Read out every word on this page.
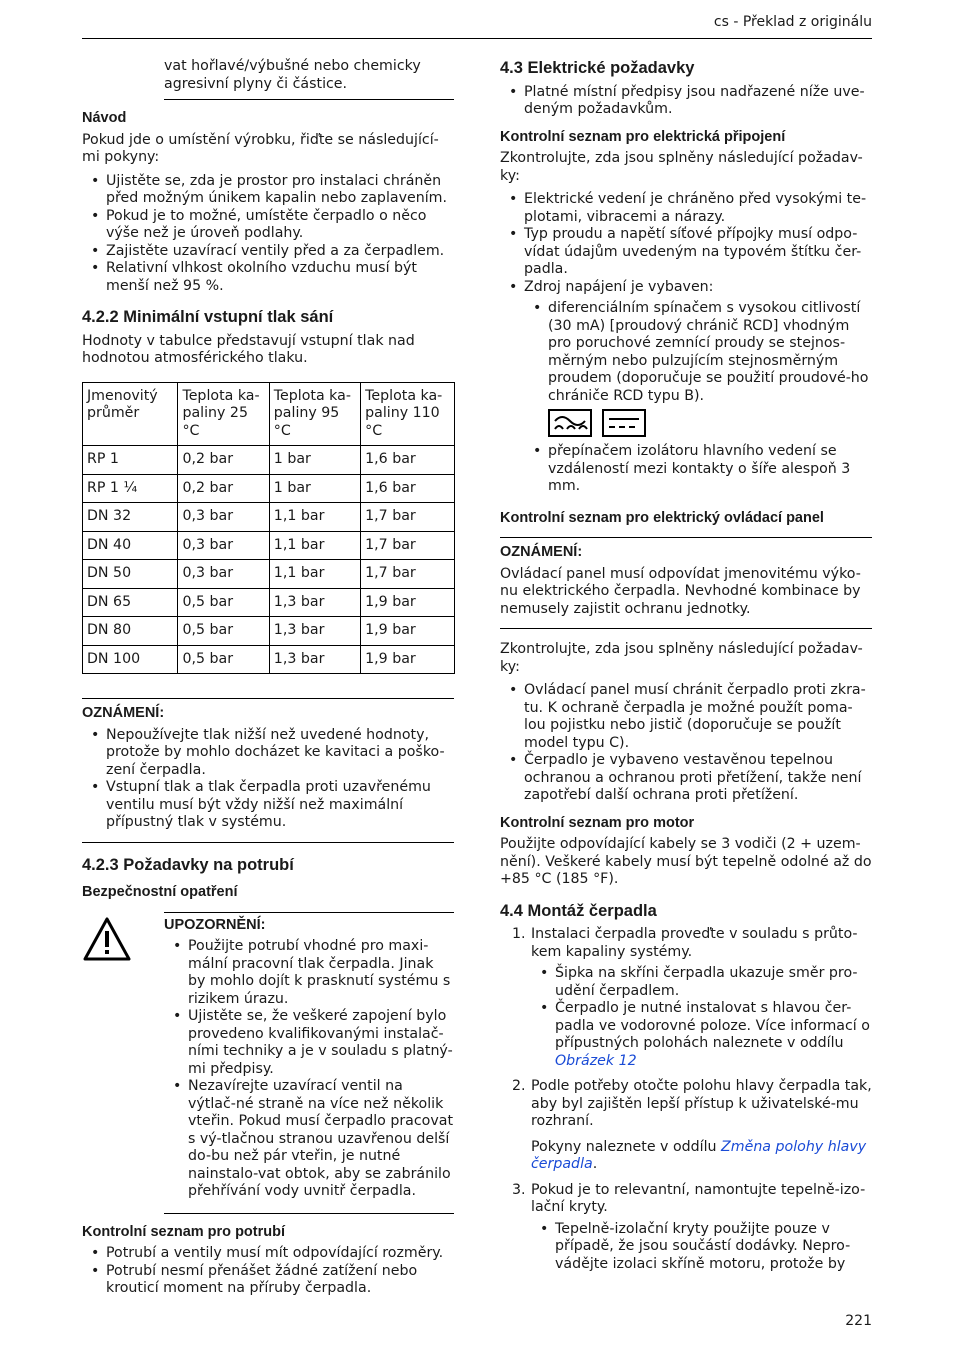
cs - Překlad z originálu
vat hořlavé/výbušné nebo chemicky agresivní plyny či částice.
Návod

Pokud jde o umístění výrobku, řiďte se následující-mi pokyny:

• Ujistěte se, zda je prostor pro instalaci chráněn před možným únikem kapalin nebo zaplavením.
• Pokud je to možné, umístěte čerpadlo o něco výše než je úroveň podlahy.
• Zajistěte uzavírací ventily před a za čerpadlem.
• Relativní vlhkost okolního vzduchu musí být menší než 95 %.
4.2.2 Minimální vstupní tlak sání

Hodnoty v tabulce představují vstupní tlak nad hodnotou atmosférického tlaku.

Jmenovitý průměr	Teplota ka-paliny 25 °C	Teplota ka-paliny 95 °C	Teplota ka-paliny 110 °C
RP 1	0,2 bar	1 bar	1,6 bar
RP 1 ¼	0,2 bar	1 bar	1,6 bar
DN 32	0,3 bar	1,1 bar	1,7 bar
DN 40	0,3 bar	1,1 bar	1,7 bar
DN 50	0,3 bar	1,1 bar	1,7 bar
DN 65	0,5 bar	1,3 bar	1,9 bar
DN 80	0,5 bar	1,3 bar	1,9 bar
DN 100	0,5 bar	1,3 bar	1,9 bar
OZNÁMENÍ:
• Nepoužívejte tlak nižší než uvedené hodnoty, protože by mohlo docházet ke kavitaci a poško-zení čerpadla.
• Vstupní tlak a tlak čerpadla proti uzavřenému ventilu musí být vždy nižší než maximální přípustný tlak v systému.
4.2.3 Požadavky na potrubí
Bezpečnostní opatření
UPOZORNĚNÍ:
• Použijte potrubí vhodné pro maxi-mální pracovní tlak čerpadla. Jinak by mohlo dojít k prasknutí systému s rizikem úrazu.
• Ujistěte se, že veškeré zapojení bylo provedeno kvalifikovanými instalač-ními techniky a je v souladu s platný-mi předpisy.
• Nezavírejte uzavírací ventil na výtlač-né straně na více než několik vteřin. Pokud musí čerpadlo pracovat s vý-tlačnou stranou uzavřenou delší do-bu než pár vteřin, je nutné nainstalo-vat obtok, aby se zabránilo přehřívání vody uvnitř čerpadla.
Kontrolní seznam pro potrubí
• Potrubí a ventily musí mít odpovídající rozměry.
• Potrubí nesmí přenášet žádné zatížení nebo krouticí moment na příruby čerpadla.
4.3 Elektrické požadavky
• Platné místní předpisy jsou nadřazené níže uve-deným požadavkům.
Kontrolní seznam pro elektrická připojení

Zkontrolujte, zda jsou splněny následující požadav-ky:

• Elektrické vedení je chráněno před vysokými te-plotami, vibracemi a nárazy.
• Typ proudu a napětí síťové přípojky musí odpo-vídat údajům uvedeným na typovém štítku čer-padla.
• Zdroj napájení je vybaven:
• diferenciálním spínačem s vysokou citlivostí (30 mA) [proudový chránič RCD] vhodným pro poruchové zemnící proudy se stejnos-měrným nebo pulzujícím stejnosměrným proudem (doporučuje se použití proudové-ho chrániče RCD typu B).
• přepínačem izolátoru hlavního vedení se vzdáleností mezi kontakty o šíře alespoň 3 mm.
Kontrolní seznam pro elektrický ovládací panel
OZNÁMENÍ:

Ovládací panel musí odpovídat jmenovitému výko-nu elektrického čerpadla. Nevhodné kombinace by nemusely zajistit ochranu jednotky.

Zkontrolujte, zda jsou splněny následující požadav-ky:

• Ovládací panel musí chránit čerpadlo proti zkra-tu. K ochraně čerpadla je možné použít poma-lou pojistku nebo jistič (doporučuje se použít model typu C).
• Čerpadlo je vybaveno vestavěnou tepelnou ochranou a ochranou proti přetížení, takže není zapotřebí další ochrana proti přetížení.
Kontrolní seznam pro motor

Použijte odpovídající kabely se 3 vodiči (2 + uzem-nění). Veškeré kabely musí být tepelně odolné až do +85 °C (185 °F).

4.4 Montáž čerpadla
1. Instalaci čerpadla proveďte v souladu s průto-kem kapaliny systémy.
• Šipka na skříni čerpadla ukazuje směr pro-udění čerpadlem.
• Čerpadlo je nutné instalovat s hlavou čer-padla ve vodorovné poloze. Více informací o přípustných polohách naleznete v oddílu Obrázek 12
2. Podle potřeby otočte polohu hlavy čerpadla tak, aby byl zajištěn lepší přístup k uživatelské-mu rozhraní.

Pokyny naleznete v oddílu Změna polohy hlavy čerpadla.

3. Pokud je to relevantní, namontujte tepelně-izo-lační kryty.
• Tepelně-izolační kryty použijte pouze v případě, že jsou součástí dodávky. Nepro-vádějte izolaci skříně motoru, protože by
221
